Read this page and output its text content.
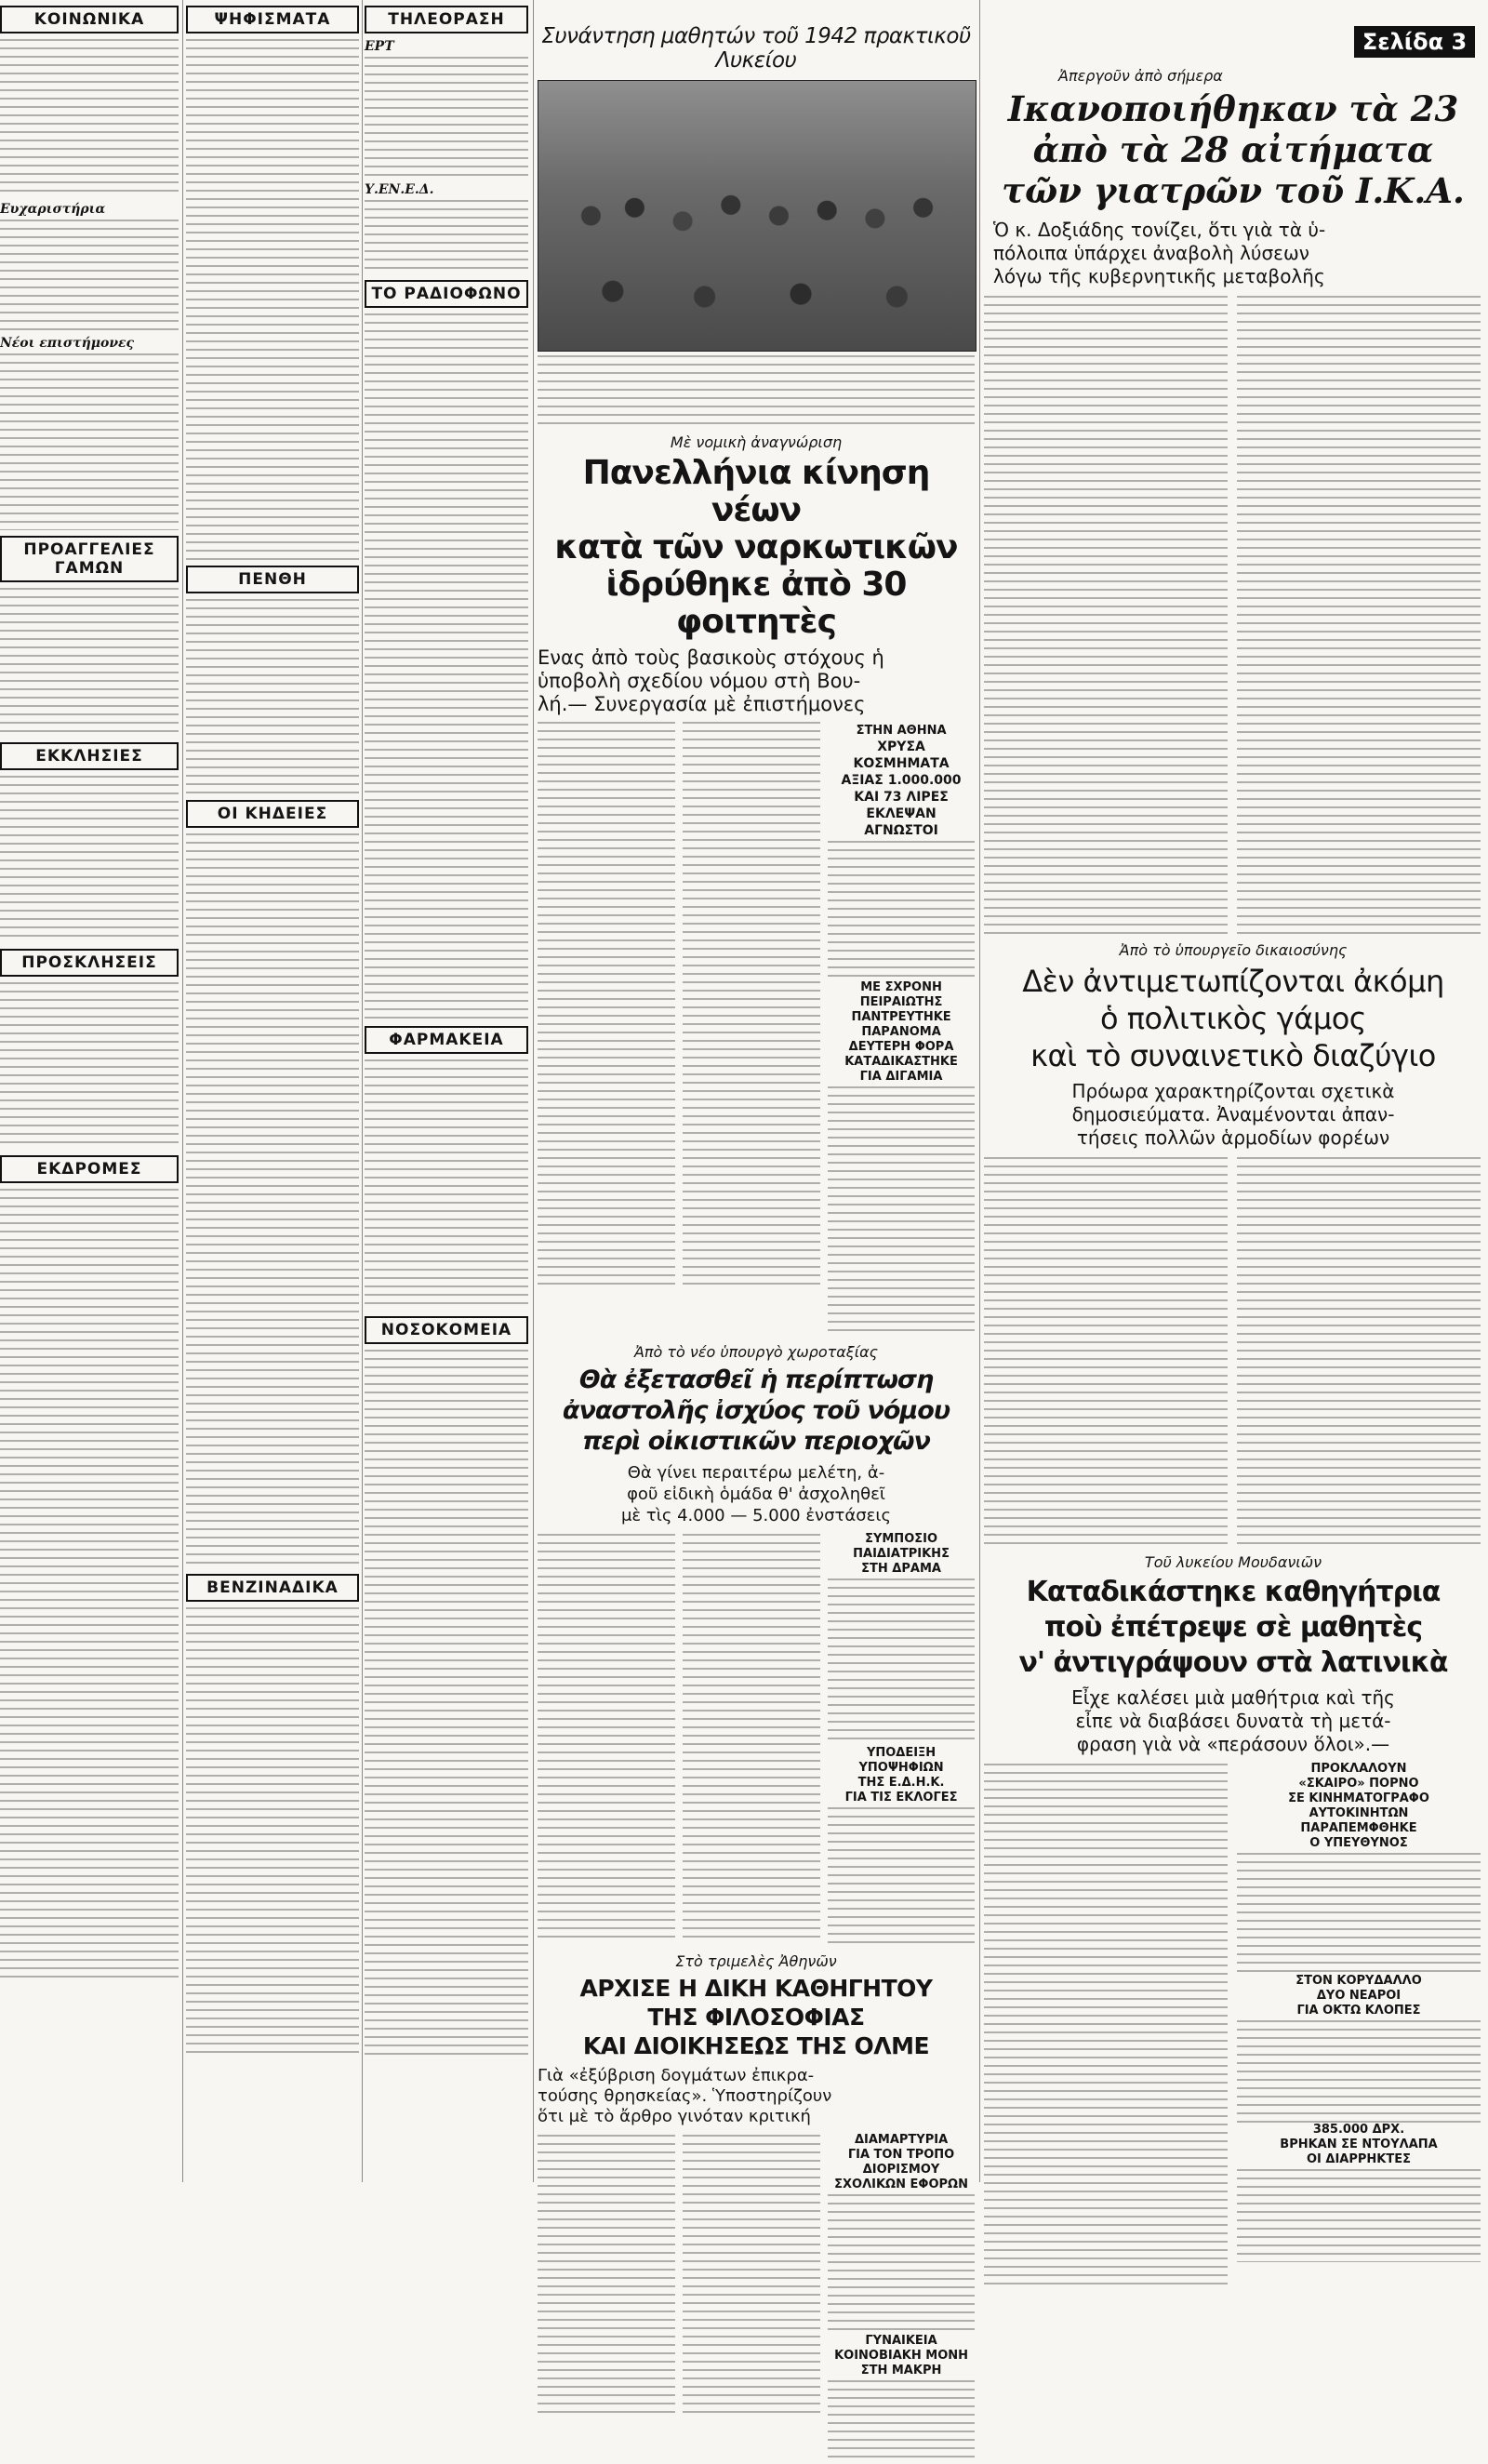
ΚΟΙΝΩΝΙΚΑ
Ευχαριστήρια
Νέοι επιστήμονες
ΠΡΟΑΓΓΕΛΙΕΣ ΓΑΜΩΝ
ΕΚΚΛΗΣΙΕΣ
ΠΡΟΣΚΛΗΣΕΙΣ
ΕΚΔΡΟΜΕΣ
ΨΗΦΙΣΜΑΤΑ
ΠΕΝΘΗ
ΟΙ ΚΗΔΕΙΕΣ
ΒΕΝΖΙΝΑΔΙΚΑ
ΤΗΛΕΟΡΑΣΗ
ΕΡΤ
Υ.ΕΝ.Ε.Δ.
ΤΟ ΡΑΔΙΟΦΩΝΟ
ΦΑΡΜΑΚΕΙΑ
ΝΟΣΟΚΟΜΕΙΑ
Συνάντηση μαθητών τοῦ 1942 πρακτικοῦ Λυκείου
Μὲ νομικὴ ἀναγνώριση
Πανελλήνια κίνηση νέων
κατὰ τῶν ναρκωτικῶν
ἱδρύθηκε ἀπὸ 30 φοιτητὲς
Ενας ἀπὸ τοὺς βασικοὺς στόχους ἡ
ὑποβολὴ σχεδίου νόμου στὴ Βου-
λή.— Συνεργασία μὲ ἐπιστήμονες
ΣΤΗΝ ΑΘΗΝΑ
ΧΡΥΣΑ ΚΟΣΜΗΜΑΤΑ
ΑΞΙΑΣ 1.000.000
ΚΑΙ 73 ΛΙΡΕΣ
ΕΚΛΕΨΑΝ ΑΓΝΩΣΤΟΙ
ΜΕ ΣΧΡΟΝΗ
ΠΕΙΡΑΙΩΤΗΣ
ΠΑΝΤΡΕΥΤΗΚΕ
ΠΑΡΑΝΟΜΑ
ΔΕΥΤΕΡΗ ΦΟΡΑ
ΚΑΤΑΔΙΚΑΣΤΗΚΕ
ΓΙΑ ΔΙΓΑΜΙΑ
Ἀπὸ τὸ νέο ὑπουργὸ χωροταξίας
Θὰ ἐξετασθεῖ ἡ περίπτωση
ἀναστολῆς ἰσχύος τοῦ νόμου
περὶ οἰκιστικῶν περιοχῶν
Θὰ γίνει περαιτέρω μελέτη, ἀ-
φοῦ εἰδικὴ ὁμάδα θ' ἀσχοληθεῖ
μὲ τὶς 4.000 — 5.000 ἐνστάσεις
ΣΥΜΠΟΣΙΟ
ΠΑΙΔΙΑΤΡΙΚΗΣ
ΣΤΗ ΔΡΑΜΑ
ΥΠΟΔΕΙΞΗ ΥΠΟΨΗΦΙΩΝ
ΤΗΣ Ε.Δ.Η.Κ.
ΓΙΑ ΤΙΣ ΕΚΛΟΓΕΣ
Στὸ τριμελὲς Ἀθηνῶν
ΑΡΧΙΣΕ Η ΔΙΚΗ ΚΑΘΗΓΗΤΟΥ
ΤΗΣ ΦΙΛΟΣΟΦΙΑΣ
ΚΑΙ ΔΙΟΙΚΗΣΕΩΣ ΤΗΣ ΟΛΜΕ
Γιὰ «ἐξύβριση δογμάτων ἐπικρα-
τούσης θρησκείας». Ὑποστηρίζουν
ὅτι μὲ τὸ ἄρθρο γινόταν κριτική
ΔΙΑΜΑΡΤΥΡΙΑ
ΓΙΑ ΤΟΝ ΤΡΟΠΟ ΔΙΟΡΙΣΜΟΥ
ΣΧΟΛΙΚΩΝ ΕΦΟΡΩΝ
ΓΥΝΑΙΚΕΙΑ
ΚΟΙΝΟΒΙΑΚΗ ΜΟΝΗ
ΣΤΗ ΜΑΚΡΗ
Σελίδα 3
Ἀπεργοῦν ἀπὸ σήμερα
Ικανοποιήθηκαν τὰ 23
ἀπὸ τὰ 28 αἰτήματα
τῶν γιατρῶν τοῦ Ι.Κ.Α.
Ὁ κ. Δοξιάδης τονίζει, ὅτι γιὰ τὰ ὑ-
πόλοιπα ὑπάρχει ἀναβολὴ λύσεων
λόγω τῆς κυβερνητικῆς μεταβολῆς
Ἀπὸ τὸ ὑπουργεῖο δικαιοσύνης
Δὲν ἀντιμετωπίζονται ἀκόμη
ὁ πολιτικὸς γάμος
καὶ τὸ συναινετικὸ διαζύγιο
Πρόωρα χαρακτηρίζονται σχετικὰ
δημοσιεύματα. Ἀναμένονται ἀπαν-
τήσεις πολλῶν ἁρμοδίων φορέων
Τοῦ λυκείου Μουδανιῶν
Καταδικάστηκε καθηγήτρια
ποὺ ἐπέτρεψε σὲ μαθητὲς
ν' ἀντιγράψουν στὰ λατινικὰ
Εἶχε καλέσει μιὰ μαθήτρια καὶ τῆς
εἶπε νὰ διαβάσει δυνατὰ τὴ μετά-
φραση γιὰ νὰ «περάσουν ὅλοι».—
ΠΡΟΚΛΑΛΟΥΝ
«ΣΚΑΙΡΟ» ΠΟΡΝΟ
ΣΕ ΚΙΝΗΜΑΤΟΓΡΑΦΟ
ΑΥΤΟΚΙΝΗΤΩΝ
ΠΑΡΑΠΕΜΦΘΗΚΕ
Ο ΥΠΕΥΘΥΝΟΣ
ΣΤΟΝ ΚΟΡΥΔΑΛΛΟ
ΔΥΟ ΝΕΑΡΟΙ
ΓΙΑ ΟΚΤΩ ΚΛΟΠΕΣ
385.000 ΔΡΧ.
ΒΡΗΚΑΝ ΣΕ ΝΤΟΥΛΑΠΑ
ΟΙ ΔΙΑΡΡΗΚΤΕΣ
